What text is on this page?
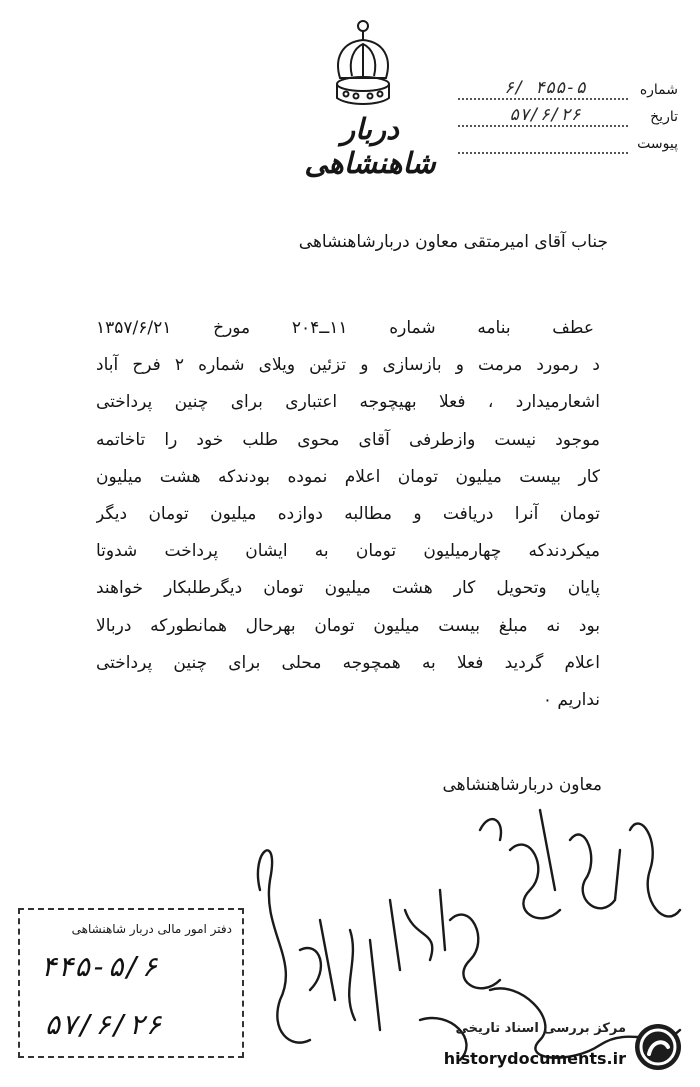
دربار شاهنشاهی
شماره
۴۵۵-۵ /۶
تاریخ
۵۷/۶/۲۶
پیوست
جناب آقای امیرمتقی معاون دربارشاهنشاهی
عطف بنامه شماره ۱۱ــ۲۰۴ مورخ ۱۳۵۷/۶/۲۱
د رمورد مرمت و بازسازی و تزئین ویلای شماره ۲ فرح آباد
اشعارمیدارد ، فعلا بهیچوجه اعتباری برای چنین پرداختی
موجود نیست وازطرفی آقای محوی طلب خود را تاخاتمه
کار بیست میلیون تومان اعلام نموده بودندکه هشت میلیون
تومان آنرا دریافت و مطالبه دوازده میلیون تومان دیگر
میکردندکه چهارمیلیون تومان به ایشان پرداخت شدوتا
پایان وتحویل کار هشت میلیون تومان دیگرطلبکار خواهند
بود نه مبلغ بیست میلیون تومان بهرحال همانطورکه دربالا
اعلام گردید فعلا به همچوجه محلی برای چنین پرداختی
نداریم ٠
معاون دربارشاهنشاهی
دفتر امور مالی دربار شاهنشاهی
۴۴۵-۵/۶
۵۷/۶/۲۶	مرکز بررسی اسناد تاریخی
historydocuments.ir
